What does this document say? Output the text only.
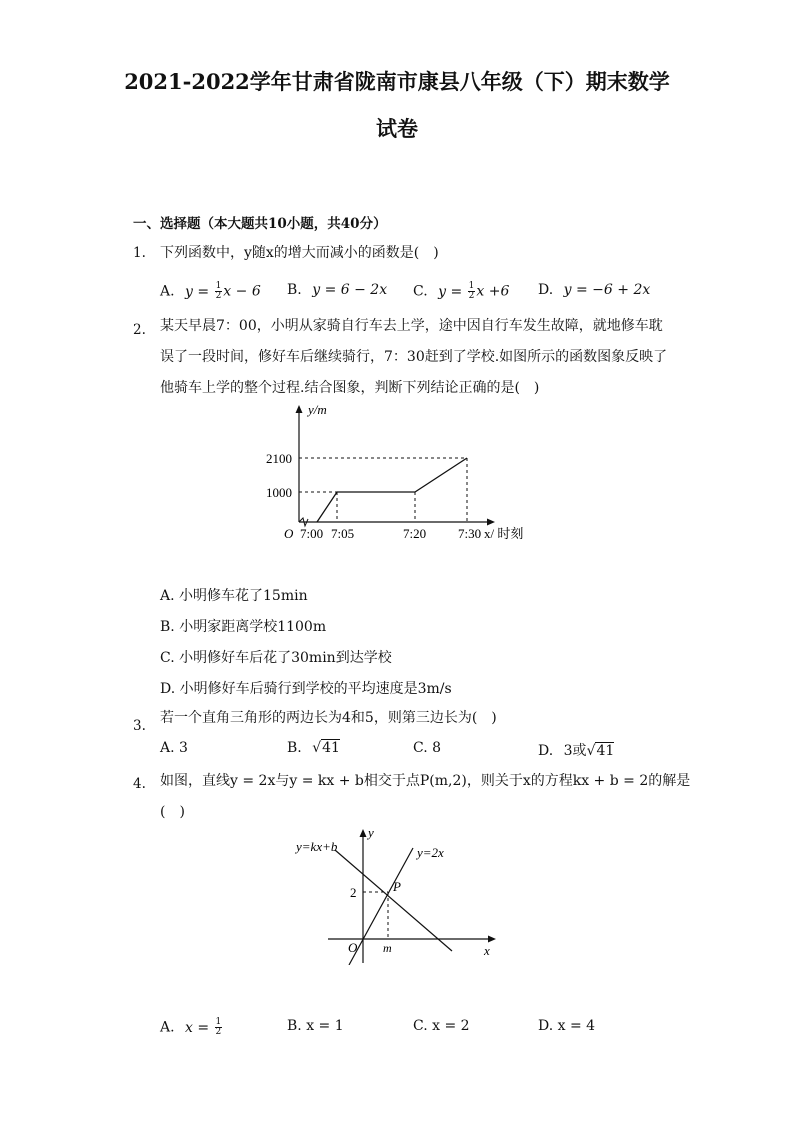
2021-2022学年甘肃省陇南市康县八年级（下）期末数学
试卷
一、选择题（本大题共10小题，共40分）
1. 下列函数中，y随x的增大而减小的函数是(　)
A. $y = \frac{1}{2}$ x − 6 B. y = 6 − 2x C. $y = \frac{1}{2}$ x +6 D. y = −6 + 2x
2. 某天早晨7：00，小明从家骑自行车去上学，途中因自行车发生故障，就地修车耽
误了一段时间，修好车后继续骑行，7：30赶到了学校.如图所示的函数图象反映了
他骑车上学的整个过程.结合图象，判断下列结论正确的是(　)
y/m
2100
1000
O 7:00 7:05	7:20 7:30 x/ 时刻
A. 小明修车花了15min
B. 小明家距离学校1100m
C. 小明修好车后花了30min到达学校
D. 小明修好车后骑行到学校的平均速度是3m/s
3. 若一个直角三角形的两边长为4和5，则第三边长为(　)
A. 3	B. √41	C. 8	D. 3或√41
4. 如图，直线y = 2x与y = kx + b相交于点P(m,2)，则关于x的方程kx + b = 2的解是
(　)
y=kx+b	y=2x
y
x
O
P
2
m
A. $x = \frac{1}{2}$	B. x = 1	C. x = 2	D. x = 4
